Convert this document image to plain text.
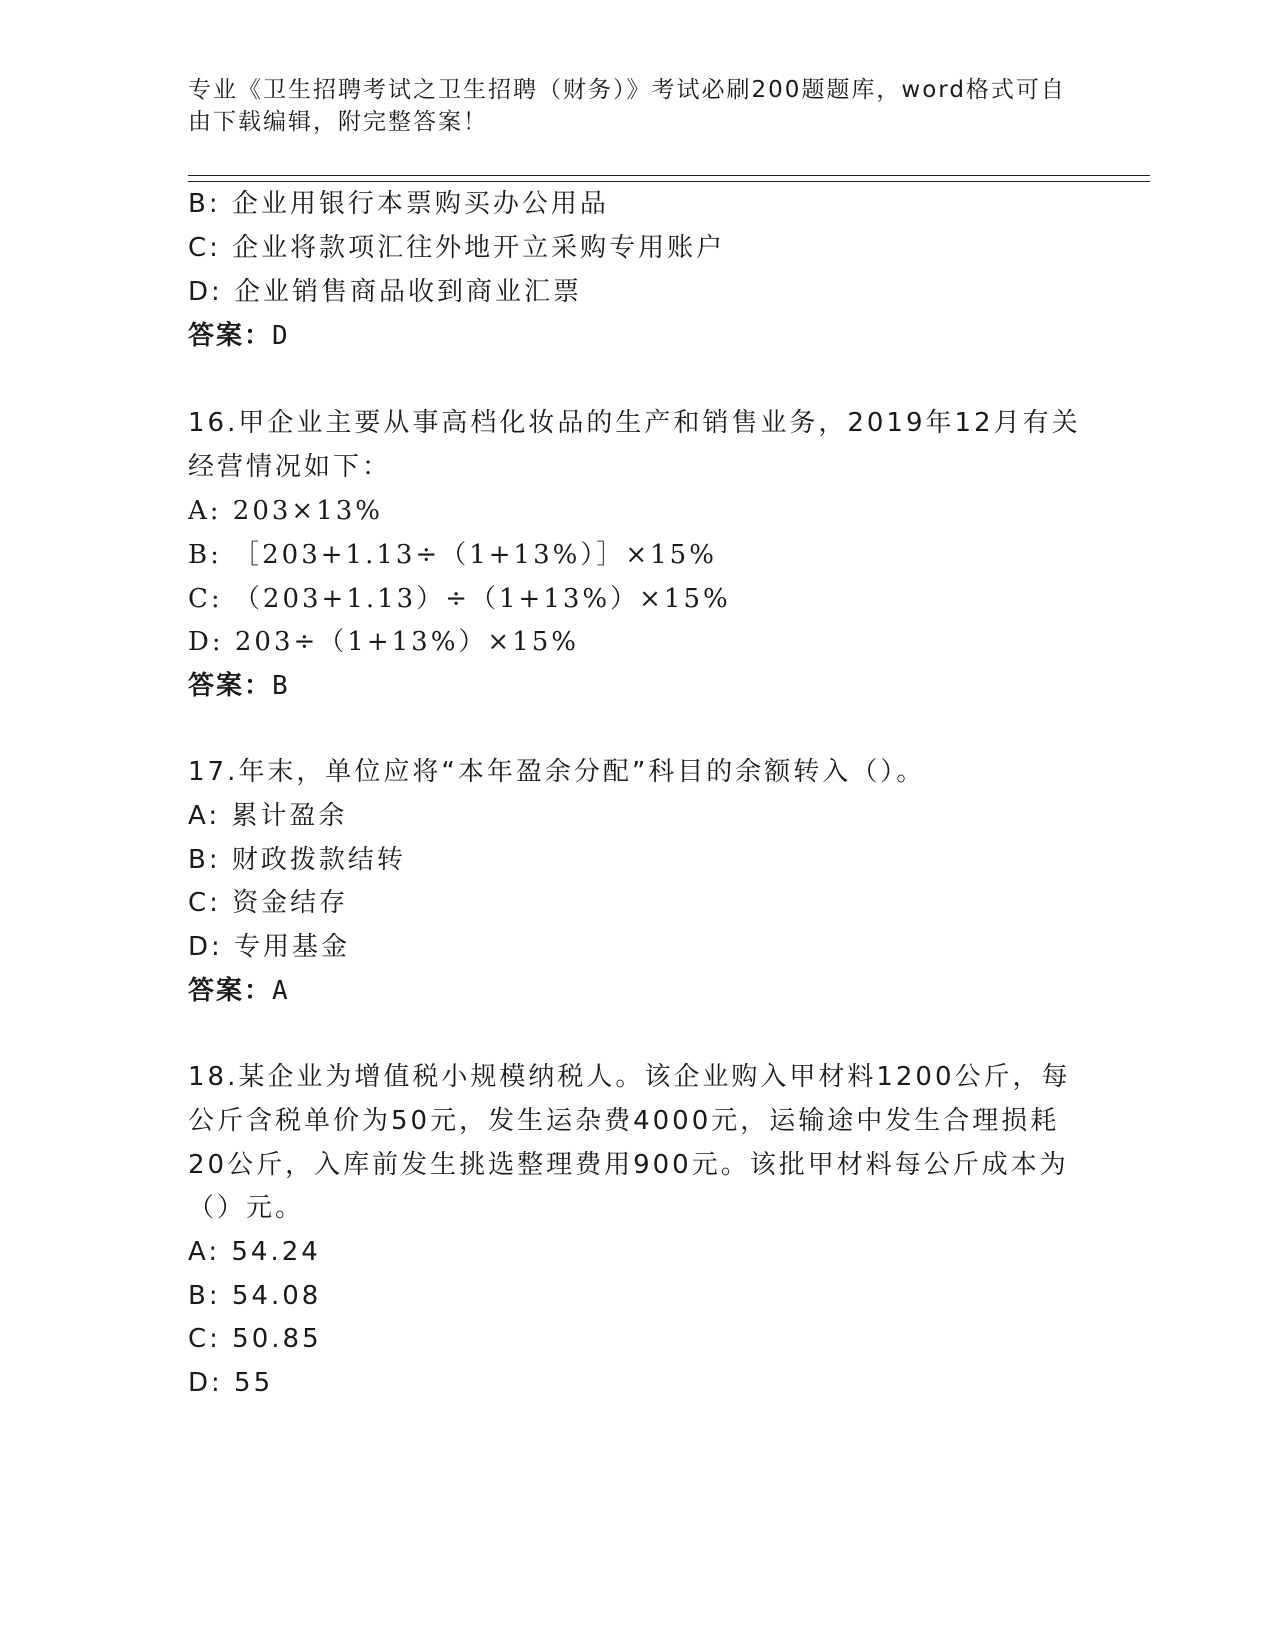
专业《卫生招聘考试之卫生招聘（财务）》考试必刷200题题库，word格式可自由下载编辑，附完整答案！
B: 企业用银行本票购买办公用品
C: 企业将款项汇往外地开立采购专用账户
D: 企业销售商品收到商业汇票
答案：D
16.甲企业主要从事高档化妆品的生产和销售业务，2019年12月有关
经营情况如下：
A: 203×13%
B: ［203+1.13÷（1+13%）］×15%
C: （203+1.13）÷（1+13%）×15%
D: 203÷（1+13%）×15%
答案：B
17.年末，单位应将“本年盈余分配”科目的余额转入（）。
A: 累计盈余
B: 财政拨款结转
C: 资金结存
D: 专用基金
答案：A
18.某企业为增值税小规模纳税人。该企业购入甲材料1200公斤，每
公斤含税单价为50元，发生运杂费4000元，运输途中发生合理损耗
20公斤，入库前发生挑选整理费用900元。该批甲材料每公斤成本为
（）元。
A: 54.24
B: 54.08
C: 50.85
D: 55
